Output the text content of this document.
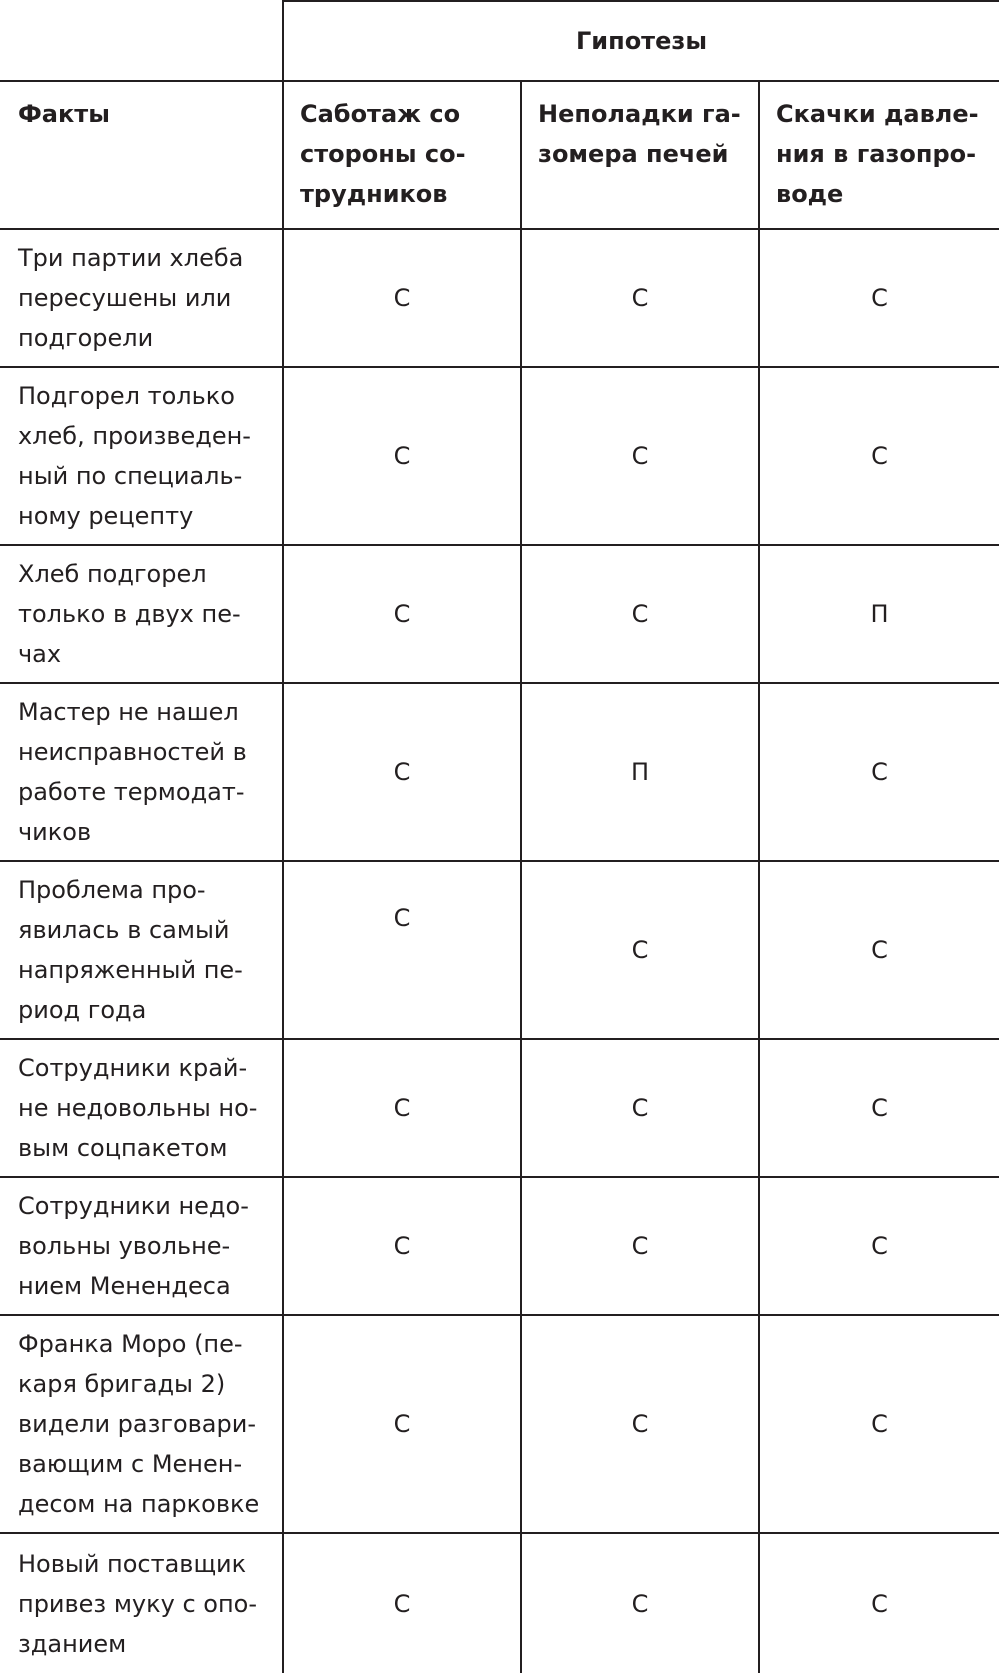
	Гипотезы		
Факты	Саботаж со стороны со-трудников	Неполадки га-зомера печей	Скачки давле-ния в газопро-воде
Три партии хлеба пересушены или подгорели	С	С	С
Подгорел только хлеб, произведен-ный по специаль-ному рецепту	С	С	С
Хлеб подгорел только в двух пе-чах	С	С	П
Мастер не нашел неисправностей в работе термодат-чиков	С	П	С
Проблема про-явилась в самый напряженный пе-риод года	С	С	С
Сотрудники край-не недовольны но-вым соцпакетом	С	С	С
Сотрудники недо-вольны увольне-нием Менендеса	С	С	С
Франка Моро (пе-каря бригады 2) видели разговари-вающим с Менен-десом на парковке	С	С	С
Новый поставщик привез муку с опо-зданием	С	С	С
